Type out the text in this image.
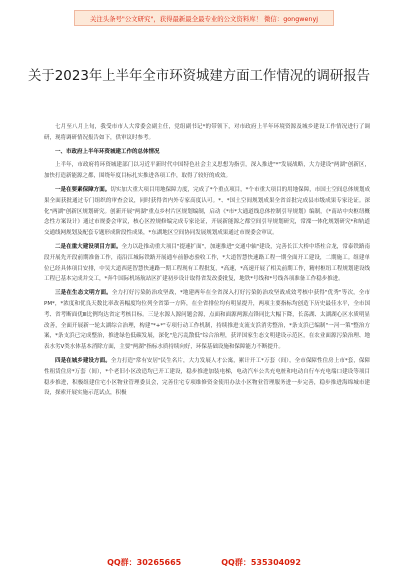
关注头条号"公文研究"，获得最新最全最专业的公文资料库！ 微信：gongwenyj
关于2023年上半年全市环资城建方面工作情况的调研报告

七月至八月上旬，我受市市人大常委会副主任，党组副书记*的带领下，对市政府上半年环境资源及城乡建设工作情况进行了调研，现将调研情况报告如下，供审议时参考。

一、市政府上半年环资城建工作的总体情况

上半年，市政府将环资城建部门以习近平新时代中国特色社会主义思想为指引，深入推进"*"发展战略，大力建设"两湖"创新区，加快打造新能源之都，围绕年度目标扎实推进各项工作，取得了较好的成效。

一是在要素保障方面。切实加大重大项目用地保障力度，完成了*个重点项目，*个市重大项目的用地保障，市国土空间总体规划成果全面获批通过专门组织的审查会议，同时获得省内外专家高度认可。*、*国土空间规划成果全省首批完成县市级成果专家论证。深化"两湖"创新区规划研究。创新开展"两湖"重点乡村片区规划编制，启动《*市*大通道线总体控制引导规划》编制，《*南站中央枢纽概念性方案设计》通过市规委会审议，核心区控规修编完成专家论证，开展新能源之都空间引导规划研究，常溧一体化规划研究*和轨道交通线网规划及配套专题形成阶段性成果，*东湖地区空间协同发展规划成果通过市规委会审议。

二是在重大建设项目方面。全力以赴推动重大项目"提速扩面"，加速推进"交通中轴"建设，完善长江大桥中塔柱合龙，常泰铁路南段开展先开段前期准备工作，南沿江城际铁路开展通车前静态验收工作，*大道智慧快速路工程一期全面开工建设，二期施工。组建单位已经具体项目安排，中吴大道西延智慧快速路一期工程现有工程批复，*高速，*高速开展了相关前期工作，精村枢纽工程规划建设线工程已基本完成并交工，*奔牛国际机场航站区扩建初步设计取得省发改委批复，地铁*号线和*号线各项准备工作稳步推进。

三是在生态文明方面。全力打好污染防治攻坚战，*地建两年在全省深入打好污染防治攻坚战成效考核中获得"优秀"等次，全市PM*，*浓度和优良天数比率改善幅度均位列全省第一方阵，在全省排位均有明显提升，两项主要指标均创造下历史最佳水平，全市国考、省考断面优Ⅲ比例均达省定考核目标。三是水源人源问题会源，点面和面源两源点锋同比大幅下降，长荡湖、太湖湖心区水质明显改善，全面开展新一轮太湖综合治理，构建"*+*"专项行动工作机制，持续推进支流支浜消劣整治，*条支浜已编制"一河一策"整治方案，*条支浜已完成整治，推进绿色低碳发展，深化"危污乱散低"综合治理，获评国家生态文明建设示范区，在农业面源污染治理、地表水劣Ⅴ类水体基本消除方面，主要"两湖"指标水质持续向好，环保基础设施和保障能力不断提升。

四是在城乡建设方面。全力打造"常有安居"民生名片，大力发展人才公寓，累计开工*万套（间），全市保障性住房上市*套，保障性租赁住房*万套（间），*个老旧小区改造均已开工建设，稳步推进加装电梯，电动汽车公共充电桩和电动自行车充电端口建设等项目稳步推进，积极组建住宅小区物业管理委员会，完善住宅专项维修资金使用办法小区物业管理服务进一步完善，稳步推进海绵城市建设，探索开展实施示范试点，积极

QQ群：30265665	QQ群：535304092
